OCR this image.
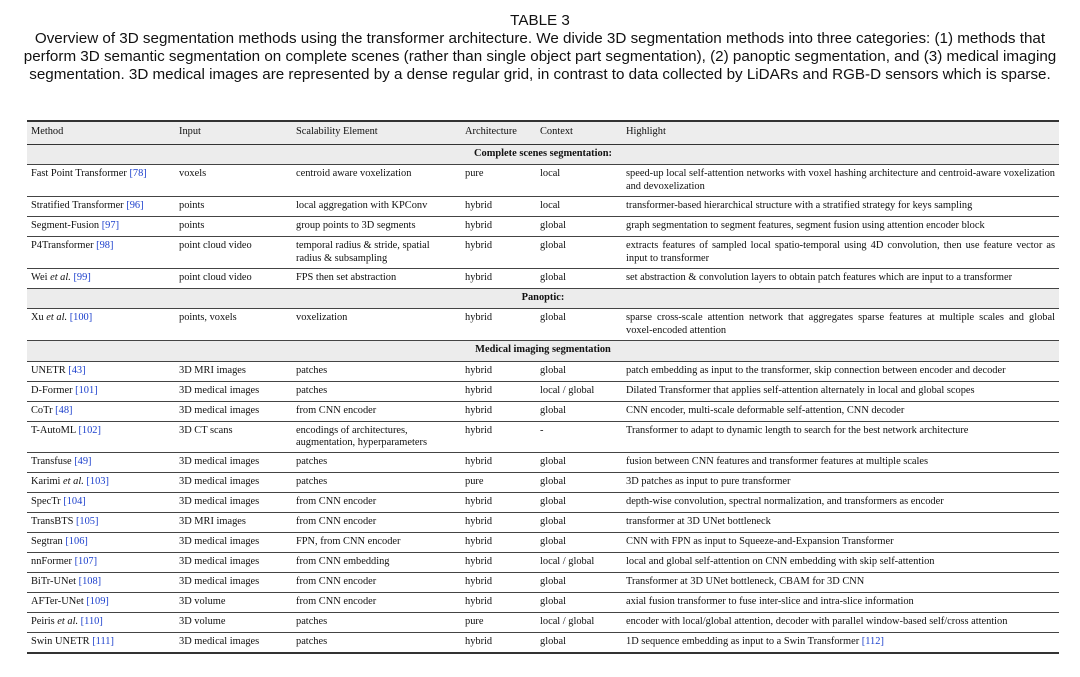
TABLE 3
Overview of 3D segmentation methods using the transformer architecture. We divide 3D segmentation methods into three categories: (1) methods that perform 3D semantic segmentation on complete scenes (rather than single object part segmentation), (2) panoptic segmentation, and (3) medical imaging segmentation. 3D medical images are represented by a dense regular grid, in contrast to data collected by LiDARs and RGB-D sensors which is sparse.
Method	Input	Scalability Element	Architecture	Context	Highlight
Complete scenes segmentation:					
Fast Point Transformer [78]	voxels	centroid aware voxelization	pure	local	speed-up local self-attention networks with voxel hashing architecture and centroid-aware voxelization and devoxelization
Stratified Transformer [96]	points	local aggregation with KPConv	hybrid	local	transformer-based hierarchical structure with a stratified strategy for keys sampling
Segment-Fusion [97]	points	group points to 3D segments	hybrid	global	graph segmentation to segment features, segment fusion using attention encoder block
P4Transformer [98]	point cloud video	temporal radius & stride, spatial radius & subsampling	hybrid	global	extracts features of sampled local spatio-temporal using 4D convolution, then use feature vector as input to transformer
Wei et al. [99]	point cloud video	FPS then set abstraction	hybrid	global	set abstraction & convolution layers to obtain patch features which are input to a transformer
Panoptic:					
Xu et al. [100]	points, voxels	voxelization	hybrid	global	sparse cross-scale attention network that aggregates sparse features at multiple scales and global voxel-encoded attention
Medical imaging segmentation					
UNETR [43]	3D MRI images	patches	hybrid	global	patch embedding as input to the transformer, skip connection between encoder and decoder
D-Former [101]	3D medical images	patches	hybrid	local / global	Dilated Transformer that applies self-attention alternately in local and global scopes
CoTr [48]	3D medical images	from CNN encoder	hybrid	global	CNN encoder, multi-scale deformable self-attention, CNN decoder
T-AutoML [102]	3D CT scans	encodings of architectures, augmentation, hyperparameters	hybrid	-	Transformer to adapt to dynamic length to search for the best network architecture
Transfuse [49]	3D medical images	patches	hybrid	global	fusion between CNN features and transformer features at multiple scales
Karimi et al. [103]	3D medical images	patches	pure	global	3D patches as input to pure transformer
SpecTr [104]	3D medical images	from CNN encoder	hybrid	global	depth-wise convolution, spectral normalization, and transformers as encoder
TransBTS [105]	3D MRI images	from CNN encoder	hybrid	global	transformer at 3D UNet bottleneck
Segtran [106]	3D medical images	FPN, from CNN encoder	hybrid	global	CNN with FPN as input to Squeeze-and-Expansion Transformer
nnFormer [107]	3D medical images	from CNN embedding	hybrid	local / global	local and global self-attention on CNN embedding with skip self-attention
BiTr-UNet [108]	3D medical images	from CNN encoder	hybrid	global	Transformer at 3D UNet bottleneck, CBAM for 3D CNN
AFTer-UNet [109]	3D volume	from CNN encoder	hybrid	global	axial fusion transformer to fuse inter-slice and intra-slice information
Peiris et al. [110]	3D volume	patches	pure	local / global	encoder with local/global attention, decoder with parallel window-based self/cross attention
Swin UNETR [111]	3D medical images	patches	hybrid	global	1D sequence embedding as input to a Swin Transformer [112]
